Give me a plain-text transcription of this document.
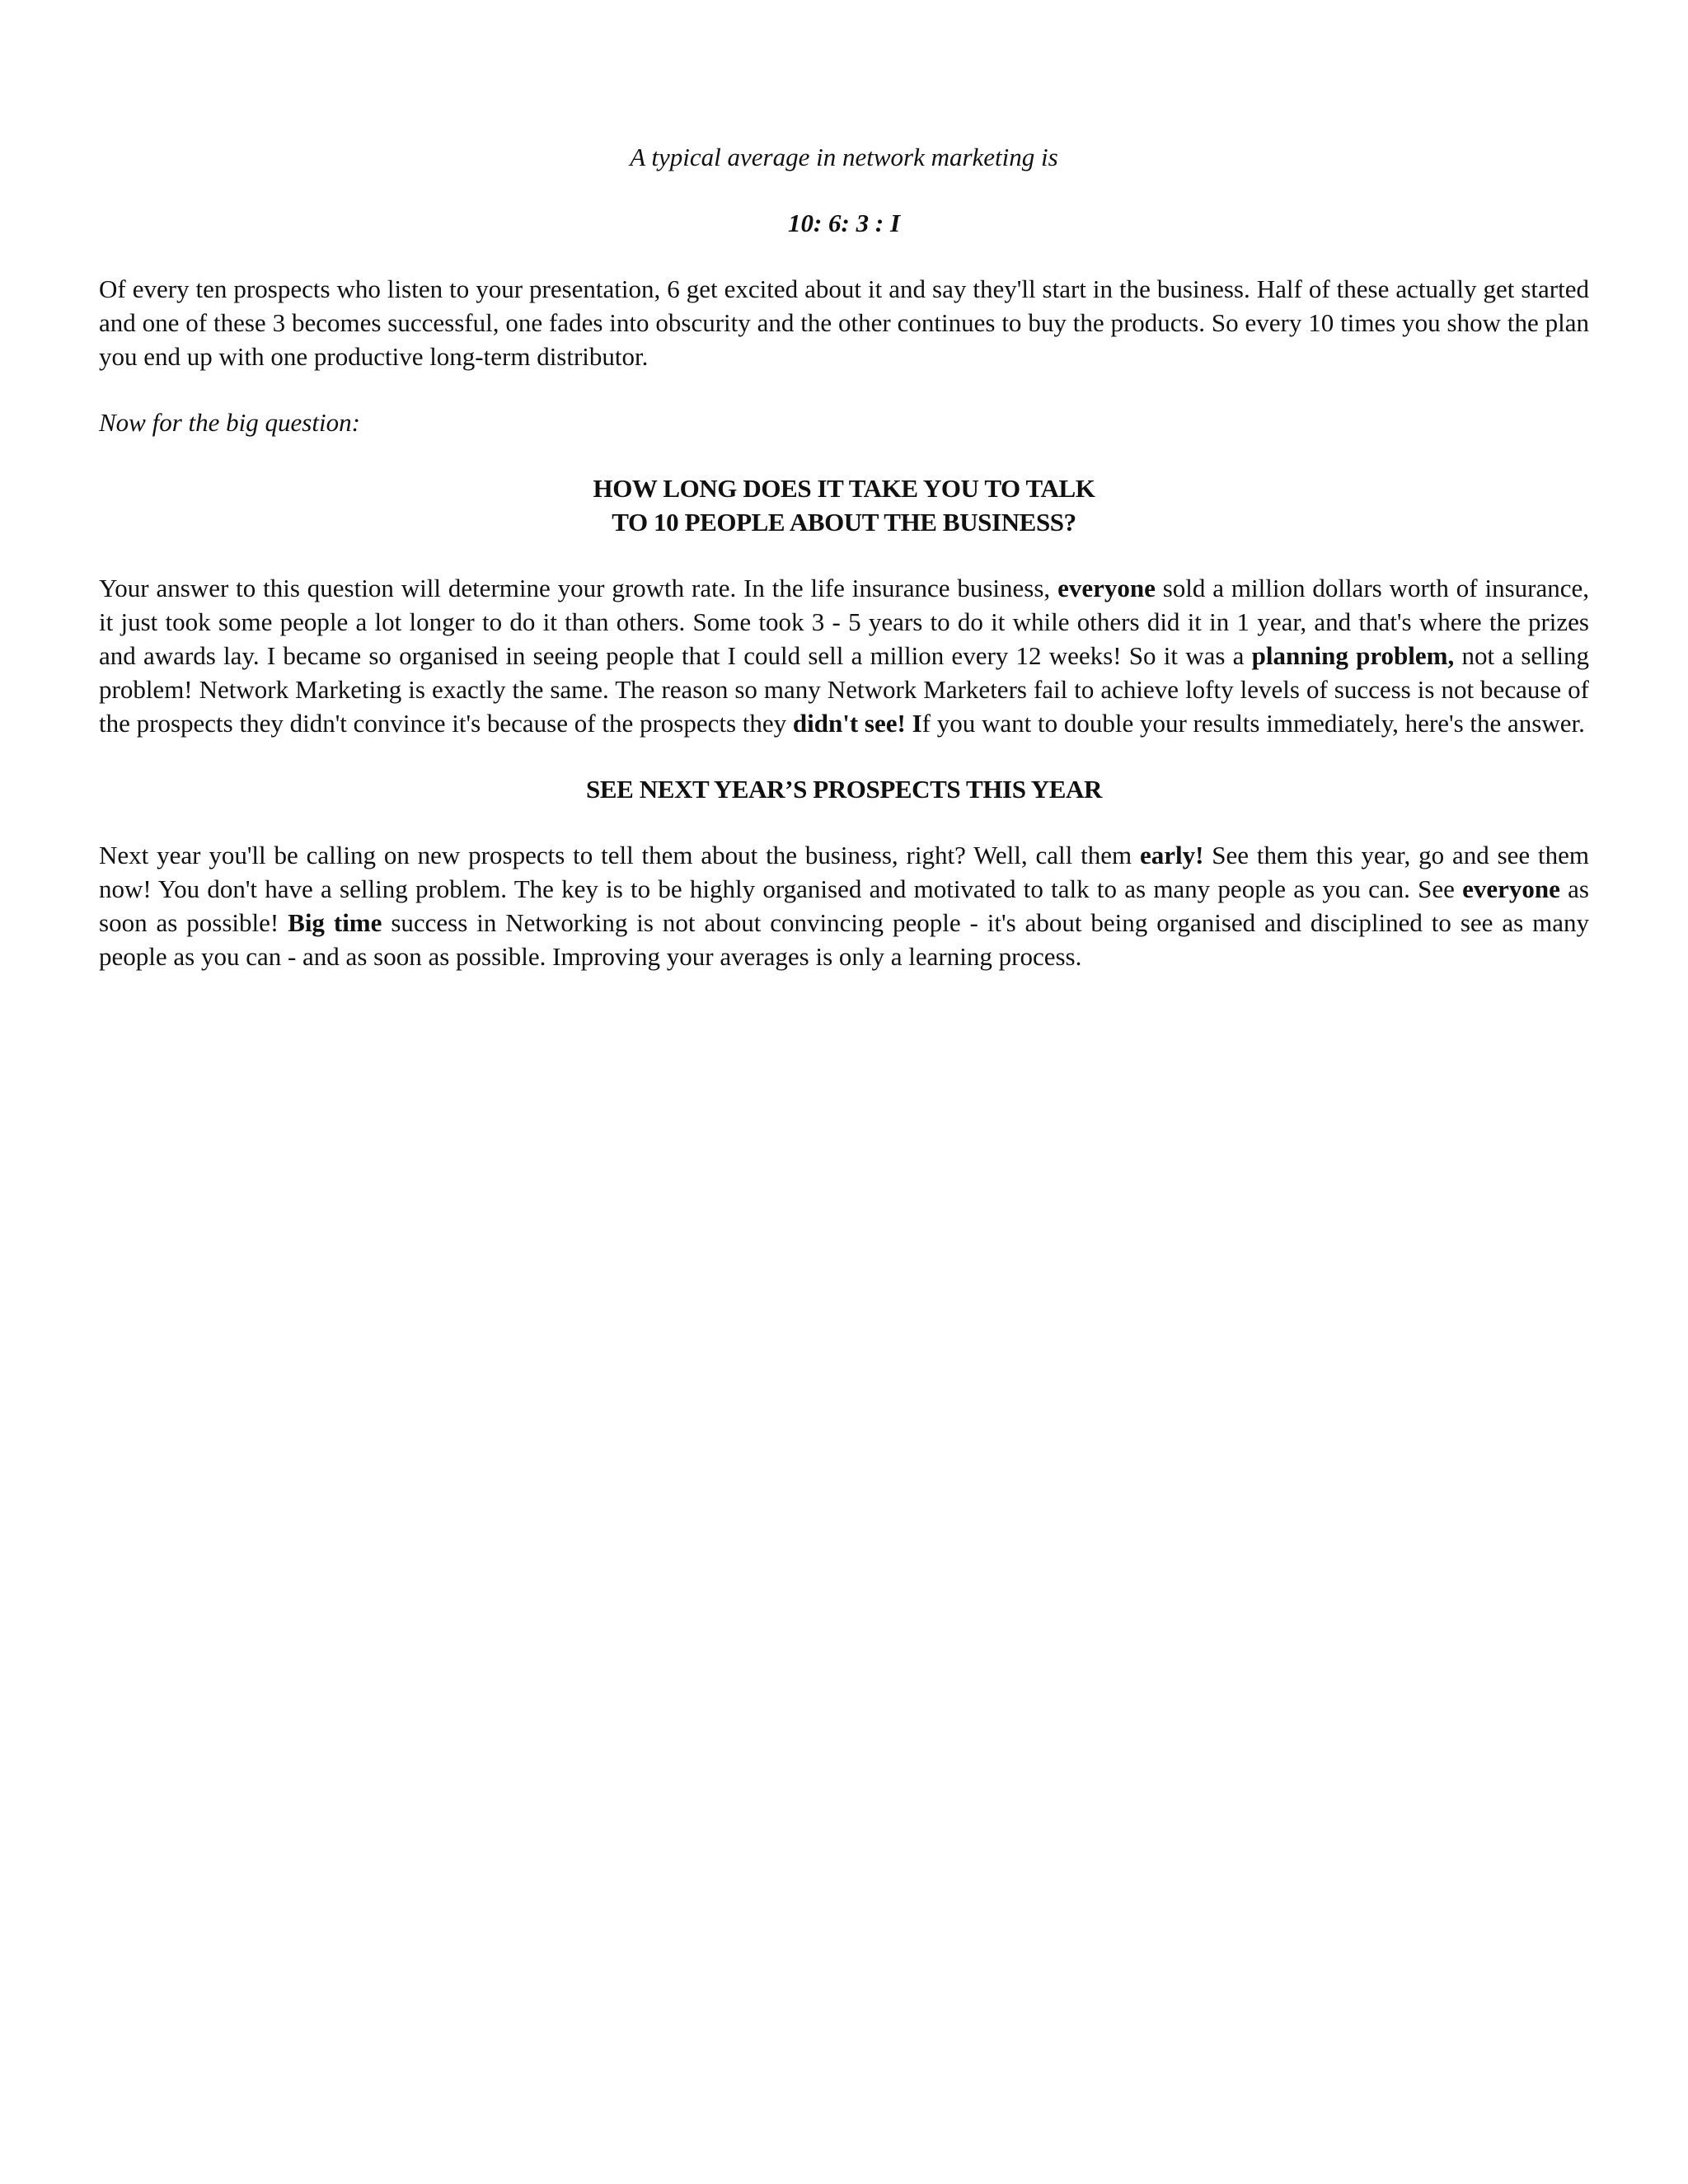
A typical average in network marketing is

10: 6: 3 : I

Of every ten prospects who listen to your presentation, 6 get excited about it and say they'll start in the business. Half of these actually get started and one of these 3 becomes successful, one fades into obscurity and the other continues to buy the products. So every 10 times you show the plan you end up with one productive long-term distributor.

Now for the big question:

HOW LONG DOES IT TAKE YOU TO TALK
TO 10 PEOPLE ABOUT THE BUSINESS?

Your answer to this question will determine your growth rate. In the life insurance business, everyone sold a million dollars worth of insurance, it just took some people a lot longer to do it than others. Some took 3 - 5 years to do it while others did it in 1 year, and that's where the prizes and awards lay. I became so organised in seeing people that I could sell a million every 12 weeks! So it was a planning problem, not a selling problem! Network Marketing is exactly the same. The reason so many Network Marketers fail to achieve lofty levels of success is not because of the prospects they didn't convince it's because of the prospects they didn't see! If you want to double your results immediately, here's the answer.

SEE NEXT YEAR’S PROSPECTS THIS YEAR

Next year you'll be calling on new prospects to tell them about the business, right? Well, call them early! See them this year, go and see them now! You don't have a selling problem. The key is to be highly organised and motivated to talk to as many people as you can. See everyone as soon as possible! Big time success in Networking is not about convincing people - it's about being organised and disciplined to see as many people as you can - and as soon as possible. Improving your averages is only a learning process.
